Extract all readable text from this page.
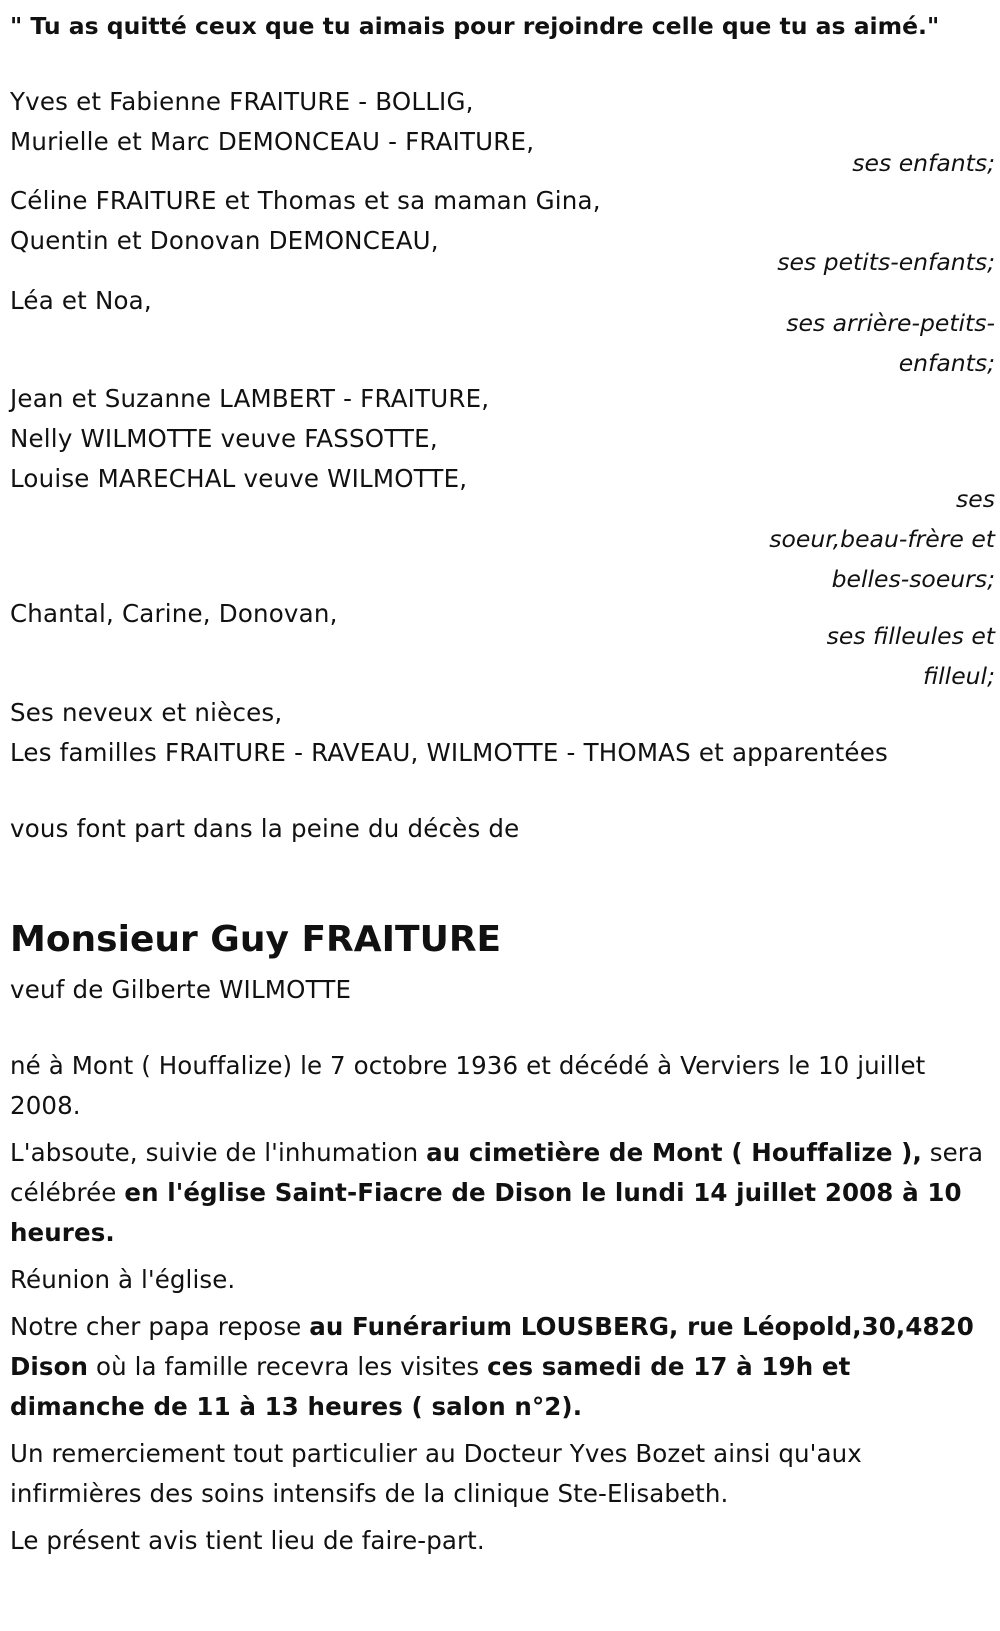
" Tu as quitté ceux que tu aimais pour rejoindre celle que tu as aimé."
Yves et Fabienne FRAITURE - BOLLIG,
Murielle et Marc DEMONCEAU - FRAITURE,
ses enfants;
Céline FRAITURE et Thomas et sa maman Gina,
Quentin et Donovan DEMONCEAU,
ses petits-enfants;
Léa et Noa,
ses arrière-petits-
enfants;
Jean et Suzanne LAMBERT - FRAITURE,
Nelly WILMOTTE veuve FASSOTTE,
Louise MARECHAL veuve WILMOTTE,
ses
soeur,beau-frère et
belles-soeurs;
Chantal, Carine, Donovan,
ses filleules et
filleul;
Ses neveux et nièces,
Les familles FRAITURE - RAVEAU, WILMOTTE - THOMAS et apparentées
vous font part dans la peine du décès de
Monsieur Guy FRAITURE
veuf de Gilberte WILMOTTE
né à Mont ( Houffalize) le 7 octobre 1936 et décédé à Verviers le 10 juillet 2008.
L'absoute, suivie de l'inhumation au cimetière de Mont ( Houffalize ), sera célébrée en l'église Saint-Fiacre de Dison le lundi 14 juillet 2008 à 10 heures.
Réunion à l'église.
Notre cher papa repose au Funérarium LOUSBERG, rue Léopold,30,4820 Dison où la famille recevra les visites ces samedi de 17 à 19h et dimanche de 11 à 13 heures ( salon n°2).
Un remerciement tout particulier au Docteur Yves Bozet ainsi qu'aux infirmières des soins intensifs de la clinique Ste-Elisabeth.
Le présent avis tient lieu de faire-part.
